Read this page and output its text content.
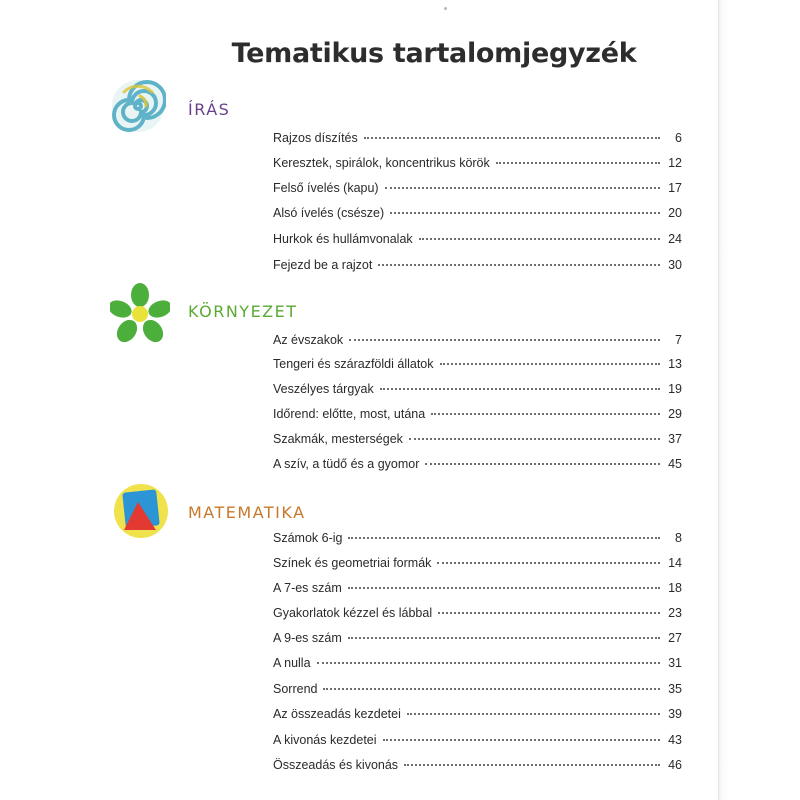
Tematikus tartalomjegyzék
ÍRÁS
KÖRNYEZET
MATEMATIKA
Rajzos díszítés	6
Keresztek, spirálok, koncentrikus körök	12
Felső ívelés (kapu)	17
Alsó ívelés (csésze)	20
Hurkok és hullámvonalak	24
Fejezd be a rajzot	30
Az évszakok	7
Tengeri és szárazföldi állatok	13
Veszélyes tárgyak	19
Időrend: előtte, most, utána	29
Szakmák, mesterségek	37
A szív, a tüdő és a gyomor	45
Számok 6-ig	8
Színek és geometriai formák	14
A 7-es szám	18
Gyakorlatok kézzel és lábbal	23
A 9-es szám	27
A nulla	31
Sorrend	35
Az összeadás kezdetei	39
A kivonás kezdetei	43
Összeadás és kivonás	46
